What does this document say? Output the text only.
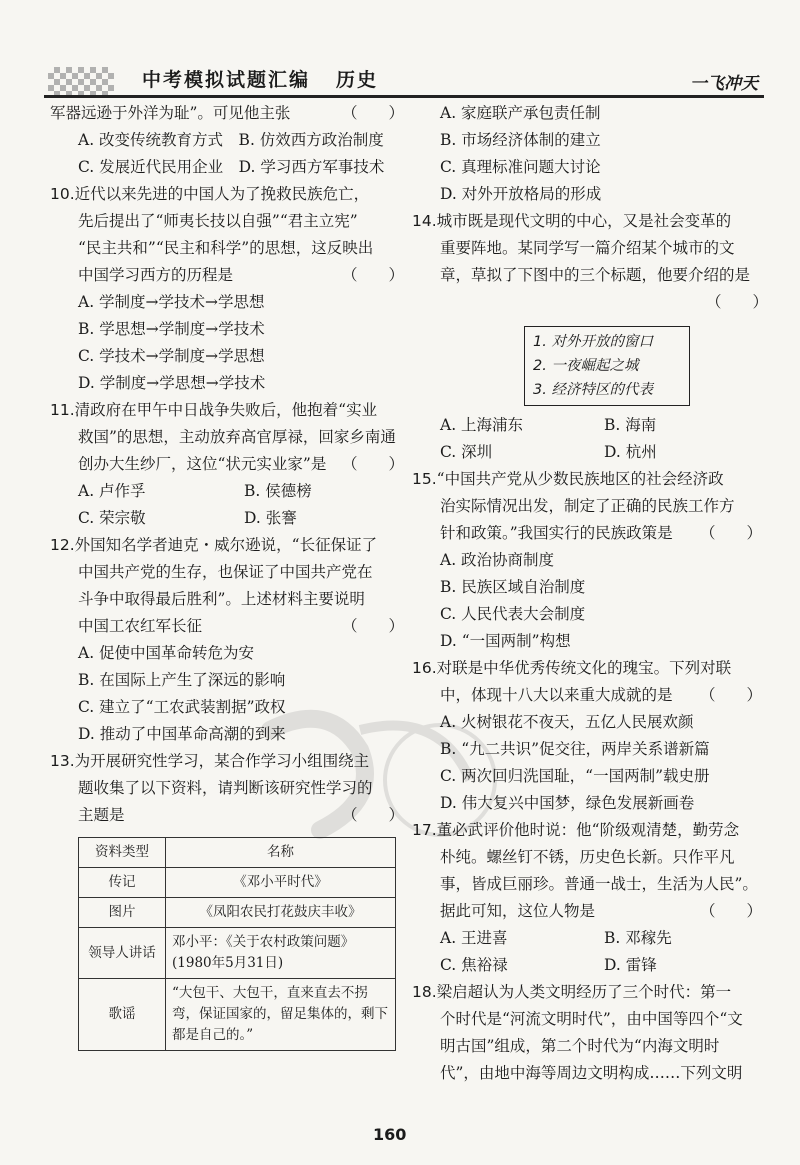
中考模拟试题汇编 历史	一飞冲天
军器远逊于外洋为耻”。可见他主张	（　　）
A. 改变传统教育方式　B. 仿效西方政治制度
C. 发展近代民用企业　D. 学习西方军事技术
10.近代以来先进的中国人为了挽救民族危亡，
先后提出了“师夷长技以自强”“君主立宪”
“民主共和”“民主和科学”的思想，这反映出
中国学习西方的历程是	（　　）
A. 学制度→学技术→学思想
B. 学思想→学制度→学技术
C. 学技术→学制度→学思想
D. 学制度→学思想→学技术
11.清政府在甲午中日战争失败后，他抱着“实业
救国”的思想，主动放弃高官厚禄，回家乡南通
创办大生纱厂，这位“状元实业家”是 （　　）
A. 卢作孚	B. 侯德榜
C. 荣宗敬	D. 张謇
12.外国知名学者迪克・威尔逊说，“长征保证了
中国共产党的生存，也保证了中国共产党在
斗争中取得最后胜利”。上述材料主要说明
中国工农红军长征	（　　）
A. 促使中国革命转危为安
B. 在国际上产生了深远的影响
C. 建立了“工农武装割据”政权
D. 推动了中国革命高潮的到来
13.为开展研究性学习，某合作学习小组围绕主
题收集了以下资料，请判断该研究性学习的
主题是	（　　）
资料类型	名称
传记	《邓小平时代》
图片	《凤阳农民打花鼓庆丰收》
领导人讲话	邓小平：《关于农村政策问题》(1980年5月31日)
歌谣	“大包干、大包干，直来直去不拐弯，保证国家的，留足集体的，剩下都是自己的。”
A. 家庭联产承包责任制
B. 市场经济体制的建立
C. 真理标准问题大讨论
D. 对外开放格局的形成
14.城市既是现代文明的中心，又是社会变革的
重要阵地。某同学写一篇介绍某个城市的文
章，草拟了下图中的三个标题，他要介绍的是
（　　）
1. 对外开放的窗口
2. 一夜崛起之城
3. 经济特区的代表
A. 上海浦东	B. 海南
C. 深圳	D. 杭州
15.“中国共产党从少数民族地区的社会经济政
治实际情况出发，制定了正确的民族工作方
针和政策。”我国实行的民族政策是 （　　）
A. 政治协商制度
B. 民族区域自治制度
C. 人民代表大会制度
D. “一国两制”构想
16.对联是中华优秀传统文化的瑰宝。下列对联
中，体现十八大以来重大成就的是 （　　）
A. 火树银花不夜天，五亿人民展欢颜
B. “九二共识”促交往，两岸关系谱新篇
C. 两次回归洗国耻，“一国两制”载史册
D. 伟大复兴中国梦，绿色发展新画卷
17.董必武评价他时说：他“阶级观清楚，勤劳念
朴纯。螺丝钉不锈，历史色长新。只作平凡
事，皆成巨丽珍。普通一战士，生活为人民”。
据此可知，这位人物是	（　　）
A. 王进喜	B. 邓稼先
C. 焦裕禄	D. 雷锋
18.梁启超认为人类文明经历了三个时代：第一
个时代是“河流文明时代”，由中国等四个“文
明古国”组成，第二个时代为“内海文明时
代”，由地中海等周边文明构成……下列文明
160
